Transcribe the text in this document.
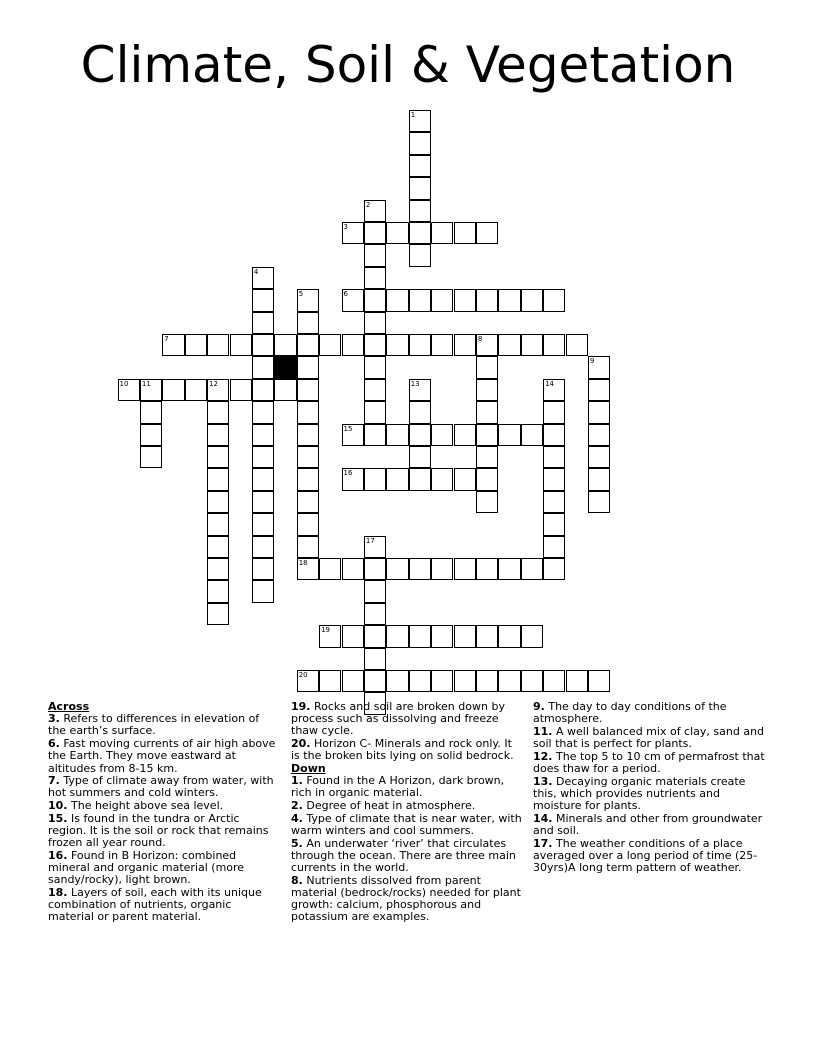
Climate, Soil & Vegetation
3
6
7	8
10 11	12
15
16
18
19
20
1
2
4
5
9
13	14
17
Across
3. Refers to differences in elevation of the earth’s surface.
6. Fast moving currents of air high above the Earth. They move eastward at altitudes from 8-15 km.
7. Type of climate away from water, with hot summers and cold winters.
10. The height above sea level.
15. Is found in the tundra or Arctic region. It is the soil or rock that remains frozen all year round.
16. Found in B Horizon: combined mineral and organic material (more sandy/rocky), light brown.
18. Layers of soil, each with its unique combination of nutrients, organic material or parent material.
19. Rocks and soil are broken down by process such as dissolving and freeze thaw cycle.
20. Horizon C- Minerals and rock only. It is the broken bits lying on solid bedrock.
Down
1. Found in the A Horizon, dark brown, rich in organic material.
2. Degree of heat in atmosphere.
4. Type of climate that is near water, with warm winters and cool summers.
5. An underwater ‘river’ that circulates through the ocean. There are three main currents in the world.
8. Nutrients dissolved from parent material (bedrock/rocks) needed for plant growth: calcium, phosphorous and potassium are examples.
9. The day to day conditions of the atmosphere.
11. A well balanced mix of clay, sand and soil that is perfect for plants.
12. The top 5 to 10 cm of permafrost that does thaw for a period.
13. Decaying organic materials create this, which provides nutrients and moisture for plants.
14. Minerals and other from groundwater and soil.
17. The weather conditions of a place averaged over a long period of time (25-30yrs)A long term pattern of weather.
